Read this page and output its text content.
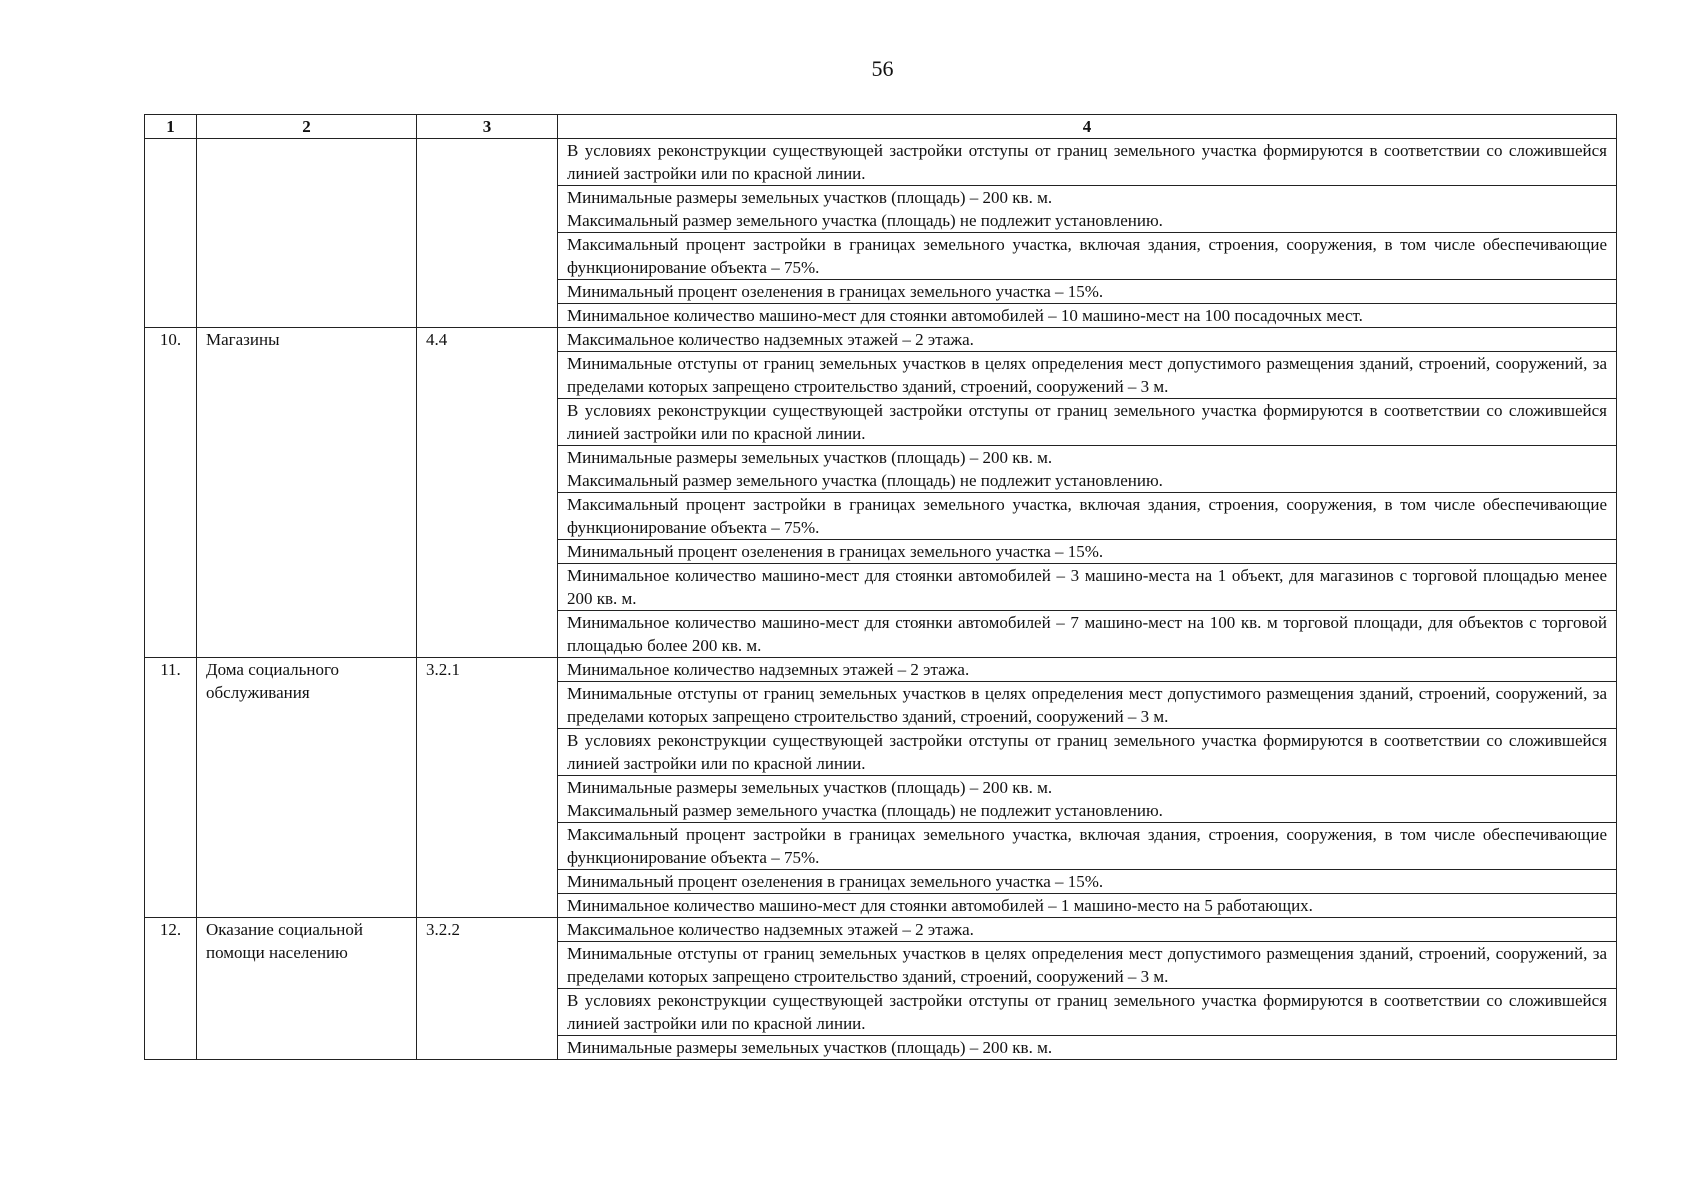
56
1	2	3	4
			В условиях реконструкции существующей застройки отступы от границ земельного участка формируются в соответствии со сложившейся линией застройки или по красной линии.
			Минимальные размеры земельных участков (площадь) – 200 кв. м.
Максимальный размер земельного участка (площадь) не подлежит установлению.
			Максимальный процент застройки в границах земельного участка, включая здания, строения, сооружения, в том числе обеспечивающие функционирование объекта – 75%.
			Минимальный процент озеленения в границах земельного участка – 15%.
			Минимальное количество машино-мест для стоянки автомобилей – 10 машино-мест на 100 посадочных мест.
10.	Магазины	4.4	Максимальное количество надземных этажей – 2 этажа.
			Минимальные отступы от границ земельных участков в целях определения мест допустимого размещения зданий, строений, сооружений, за пределами которых запрещено строительство зданий, строений, сооружений – 3 м.
			В условиях реконструкции существующей застройки отступы от границ земельного участка формируются в соответствии со сложившейся линией застройки или по красной линии.
			Минимальные размеры земельных участков (площадь) – 200 кв. м.
Максимальный размер земельного участка (площадь) не подлежит установлению.
			Максимальный процент застройки в границах земельного участка, включая здания, строения, сооружения, в том числе обеспечивающие функционирование объекта – 75%.
			Минимальный процент озеленения в границах земельного участка – 15%.
			Минимальное количество машино-мест для стоянки автомобилей – 3 машино-места на 1 объект, для магазинов с торговой площадью менее 200 кв. м.
			Минимальное количество машино-мест для стоянки автомобилей – 7 машино-мест на 100 кв. м торговой площади, для объектов с торговой площадью более 200 кв. м.
11.	Дома социального обслуживания	3.2.1	Минимальное количество надземных этажей – 2 этажа.
			Минимальные отступы от границ земельных участков в целях определения мест допустимого размещения зданий, строений, сооружений, за пределами которых запрещено строительство зданий, строений, сооружений – 3 м.
			В условиях реконструкции существующей застройки отступы от границ земельного участка формируются в соответствии со сложившейся линией застройки или по красной линии.
			Минимальные размеры земельных участков (площадь) – 200 кв. м.
Максимальный размер земельного участка (площадь) не подлежит установлению.
			Максимальный процент застройки в границах земельного участка, включая здания, строения, сооружения, в том числе обеспечивающие функционирование объекта – 75%.
			Минимальный процент озеленения в границах земельного участка – 15%.
			Минимальное количество машино-мест для стоянки автомобилей – 1 машино-место на 5 работающих.
12.	Оказание социальной помощи населению	3.2.2	Максимальное количество надземных этажей – 2 этажа.
			Минимальные отступы от границ земельных участков в целях определения мест допустимого размещения зданий, строений, сооружений, за пределами которых запрещено строительство зданий, строений, сооружений – 3 м.
			В условиях реконструкции существующей застройки отступы от границ земельного участка формируются в соответствии со сложившейся линией застройки или по красной линии.
			Минимальные размеры земельных участков (площадь) – 200 кв. м.
